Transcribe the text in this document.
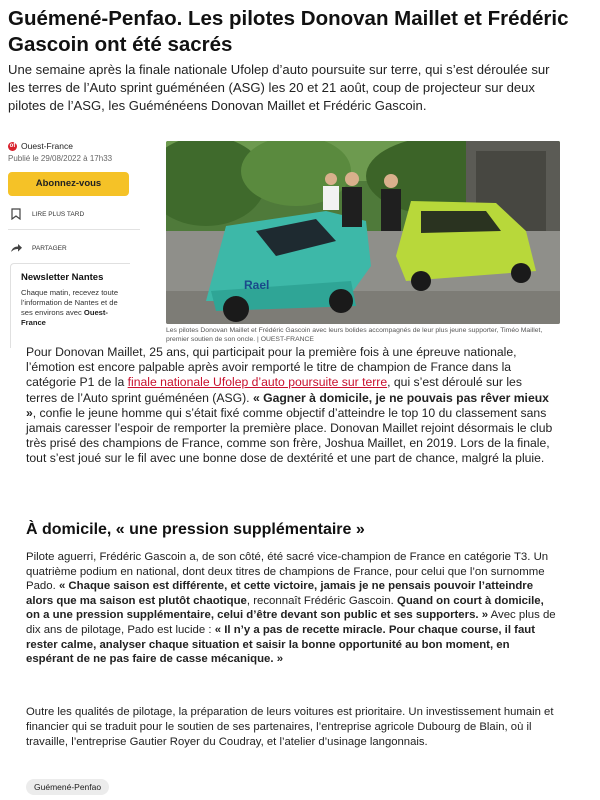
Guémené-Penfao. Les pilotes Donovan Maillet et Frédéric Gascoin ont été sacrés

Une semaine après la finale nationale Ufolep d’auto poursuite sur terre, qui s’est déroulée sur les terres de l’Auto sprint guéménéen (ASG) les 20 et 21 août, coup de projecteur sur deux pilotes de l’ASG, les Guéménéens Donovan Maillet et Frédéric Gascoin.

of Ouest-France
Publié le 29/08/2022 à 17h33
Abonnez-vous
LIRE PLUS TARD
PARTAGER
Newsletter Nantes
Chaque matin, recevez toute l’information de Nantes et de ses environs avec Ouest-France
Rael
Les pilotes Donovan Maillet et Frédéric Gascoin avec leurs bolides accompagnés de leur plus jeune supporter, Timéo Maillet, premier soutien de son oncle. | OUEST-FRANCE

Pour Donovan Maillet, 25 ans, qui participait pour la première fois à une épreuve nationale, l’émotion est encore palpable après avoir remporté le titre de champion de France dans la catégorie P1 de la finale nationale Ufolep d’auto poursuite sur terre, qui s’est déroulé sur les terres de l’Auto sprint guéménéen (ASG). « Gagner à domicile, je ne pouvais pas rêver mieux », confie le jeune homme qui s’était fixé comme objectif d’atteindre le top 10 du classement sans jamais caresser l’espoir de remporter la première place. Donovan Maillet rejoint désormais le club très prisé des champions de France, comme son frère, Joshua Maillet, en 2019. Lors de la finale, tout s’est joué sur le fil avec une bonne dose de dextérité et une part de chance, malgré la pluie.

À domicile, « une pression supplémentaire »

Pilote aguerri, Frédéric Gascoin a, de son côté, été sacré vice-champion de France en catégorie T3. Un quatrième podium en national, dont deux titres de champions de France, pour celui que l’on surnomme Pado. « Chaque saison est différente, et cette victoire, jamais je ne pensais pouvoir l’atteindre alors que ma saison est plutôt chaotique, reconnaît Frédéric Gascoin. Quand on court à domicile, on a une pression supplémentaire, celui d’être devant son public et ses supporters. » Avec plus de dix ans de pilotage, Pado est lucide : « Il n’y a pas de recette miracle. Pour chaque course, il faut rester calme, analyser chaque situation et saisir la bonne opportunité au bon moment, en espérant de ne pas faire de casse mécanique. »

Outre les qualités de pilotage, la préparation de leurs voitures est prioritaire. Un investissement humain et financier qui se traduit pour le soutien de ses partenaires, l’entreprise agricole Dubourg de Blain, où il travaille, l’entreprise Gautier Royer du Coudray, et l’atelier d’usinage langonnais.

Guémené-Penfao
